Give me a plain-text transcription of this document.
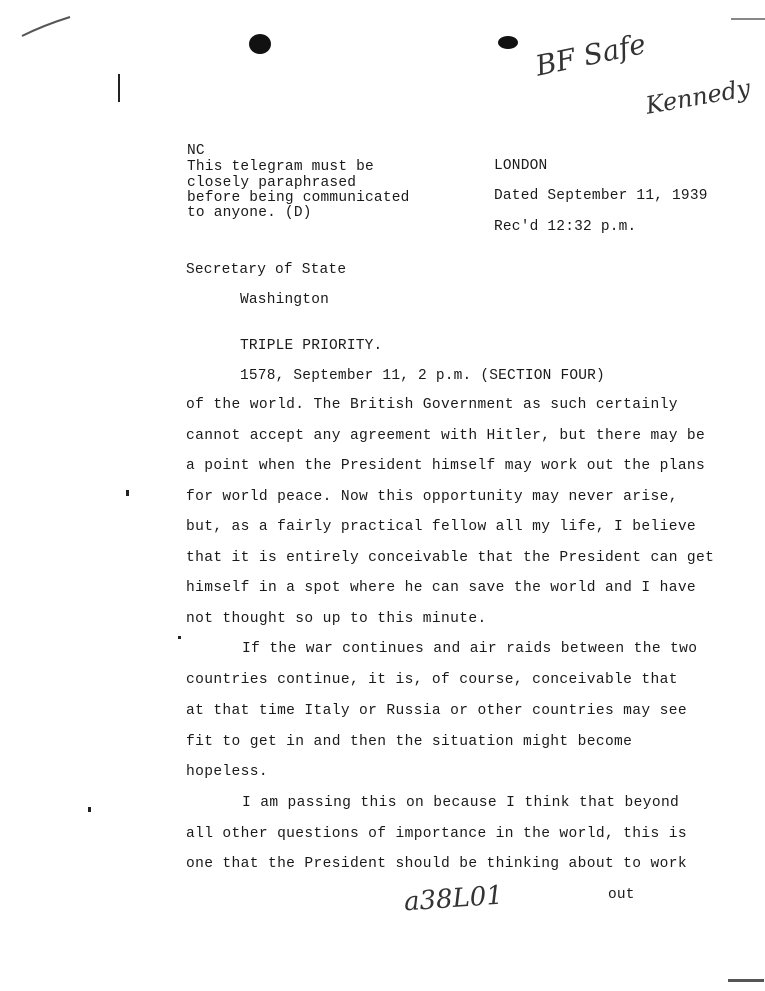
BF Safe
Kennedy
NC
This telegram must be
closely paraphrased
before being communicated
to anyone. (D)
LONDON
Dated September 11, 1939
Rec'd 12:32 p.m.
Secretary of State
Washington
TRIPLE PRIORITY.
1578, September 11, 2 p.m. (SECTION FOUR)
of the world. The British Government as such certainly
cannot accept any agreement with Hitler, but there may be
a point when the President himself may work out the plans
for world peace. Now this opportunity may never arise,
but, as a fairly practical fellow all my life, I believe
that it is entirely conceivable that the President can get
himself in a spot where he can save the world and I have
not thought so up to this minute.
If the war continues and air raids between the two
countries continue, it is, of course, conceivable that
at that time Italy or Russia or other countries may see
fit to get in and then the situation might become
hopeless.
I am passing this on because I think that beyond
all other questions of importance in the world, this is
one that the President should be thinking about to work
a38L01	out
